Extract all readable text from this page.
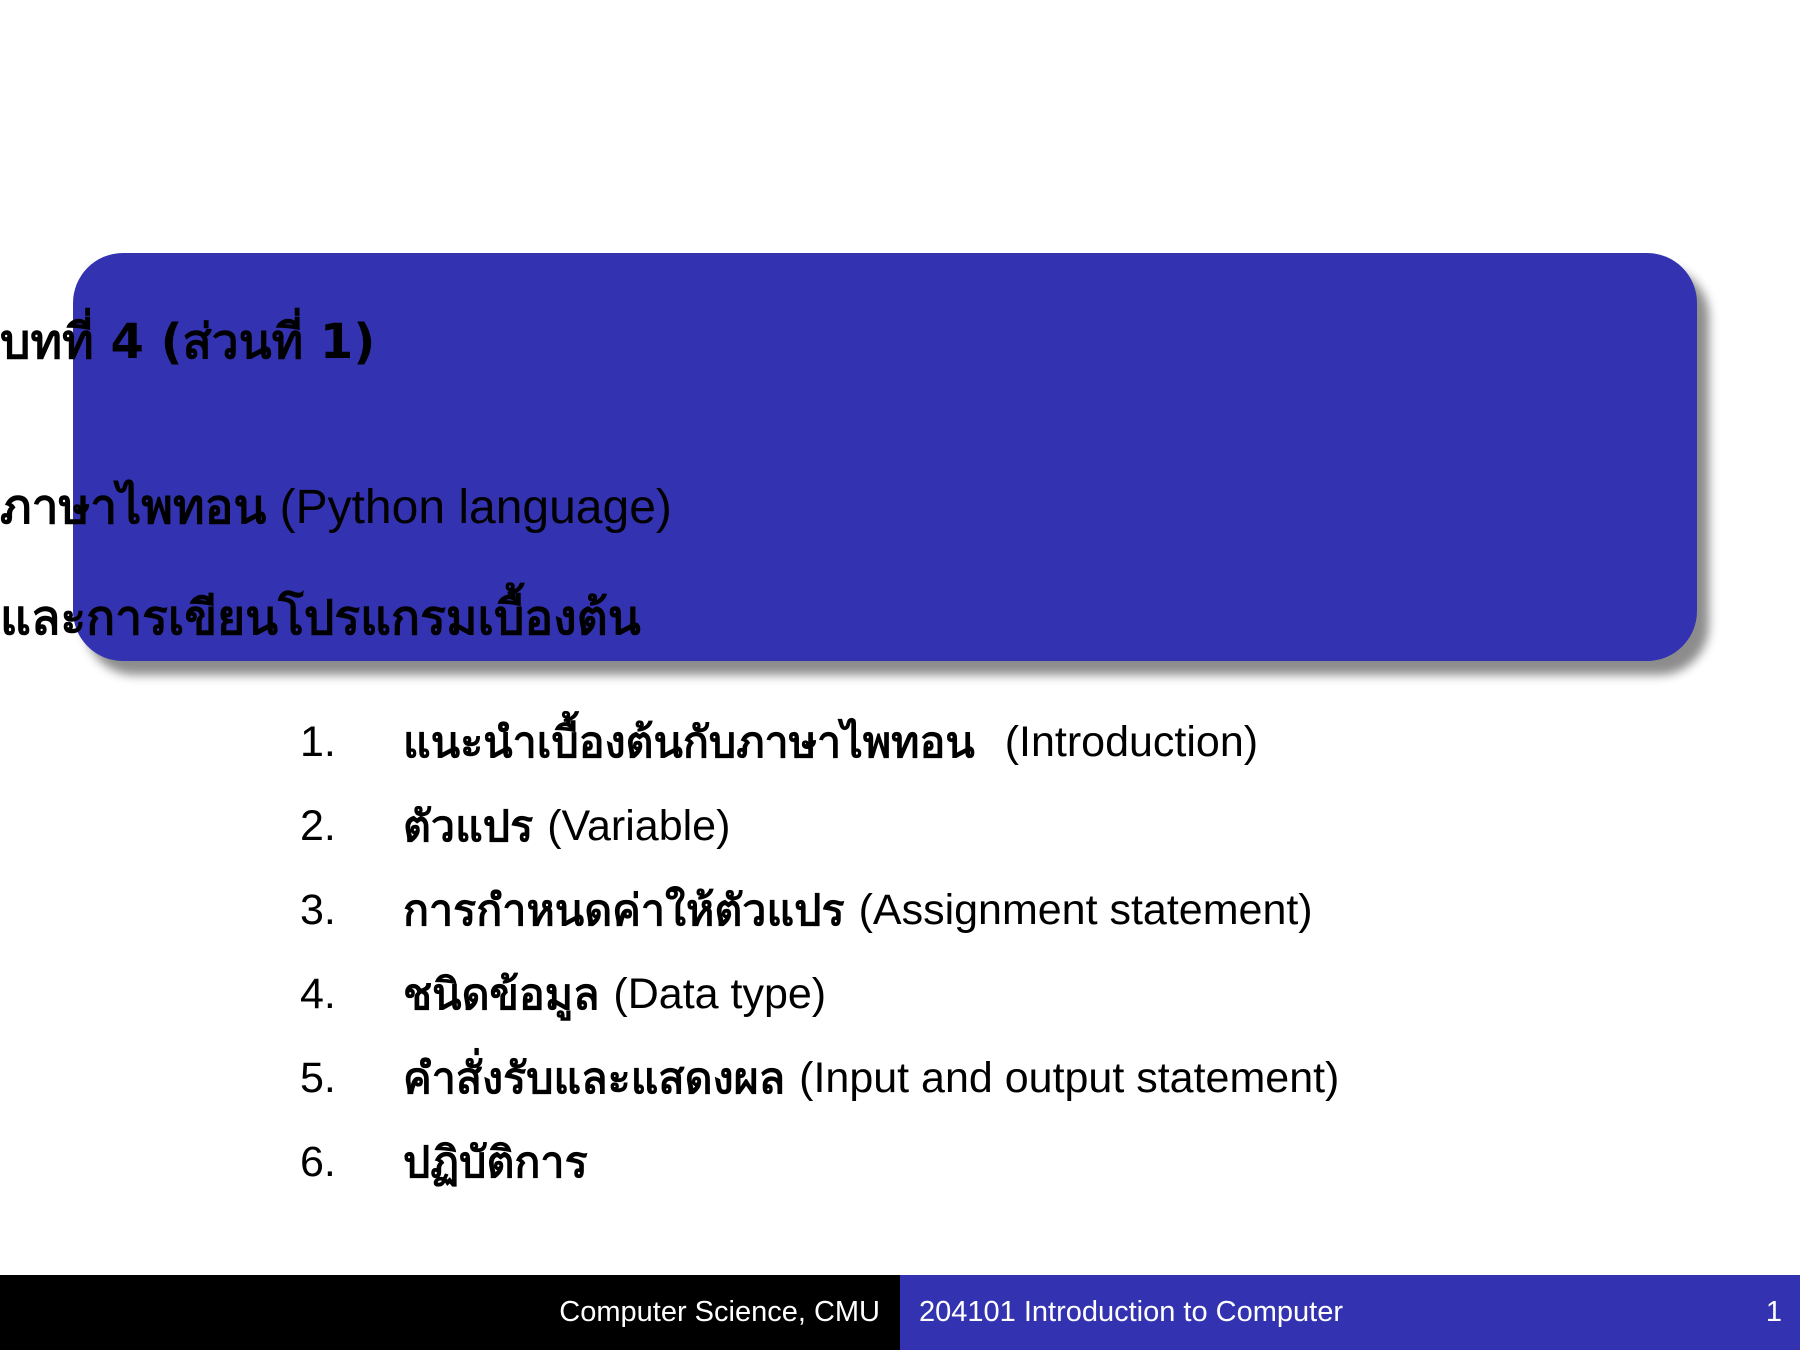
บทที่ 4 (ส่วนที่ 1)
ภาษาไพทอน (Python language)
และการเขียนโปรแกรมเบื้องต้น
1.	แนะนำเบื้องต้นกับภาษาไพทอน (Introduction)
2.	ตัวแปร (Variable)
3.	การกำหนดค่าให้ตัวแปร (Assignment statement)
4.	ชนิดข้อมูล (Data type)
5.	คำสั่งรับและแสดงผล (Input and output statement)
6.	ปฏิบัติการ
Computer Science, CMU 204101 Introduction to Computer	1
